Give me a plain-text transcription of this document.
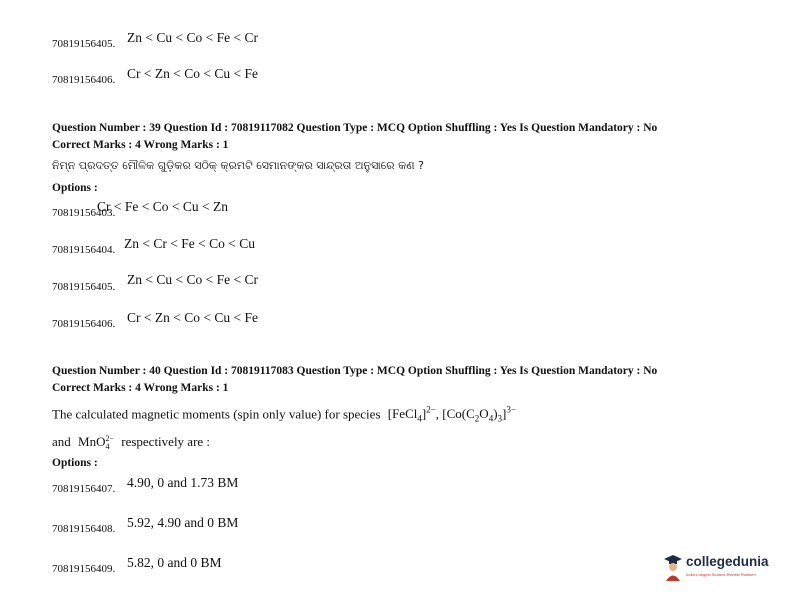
70819156405. Zn < Cu < Co < Fe < Cr
70819156406. Cr < Zn < Co < Cu < Fe
Question Number : 39 Question Id : 70819117082 Question Type : MCQ Option Shuffling : Yes Is Question Mandatory : No
Correct Marks : 4 Wrong Marks : 1
ନିମ୍ନ ପ୍ରଦତ୍ତ ମୌଳିକ ଗୁଡ଼ିକର ସଠିକ୍ କ୍ରମଟି ସେମାନଙ୍କର ସାନ୍ଦ୍ରତା ଅନୁସାରେ କଣ ?
Options :
70819156403.
Cr < Fe < Co < Cu < Zn
70819156404. Zn < Cr < Fe < Co < Cu
70819156405. Zn < Cu < Co < Fe < Cr
70819156406. Cr < Zn < Co < Cu < Fe
Question Number : 40 Question Id : 70819117083 Question Type : MCQ Option Shuffling : Yes Is Question Mandatory : No
Correct Marks : 4 Wrong Marks : 1
The calculated magnetic moments (spin only value) for species [FeCl$_4$]$^{2-}$, $[Co(C_2O_4)_3]^{3-}$
and MnO 2−
4 respectively are :
Options :
70819156407. 4.90, 0 and 1.73 BM
70819156408. 5.92, 4.90 and 0 BM
70819156409. 5.82, 0 and 0 BM	collegedunia
India's largest Student Review Platform
